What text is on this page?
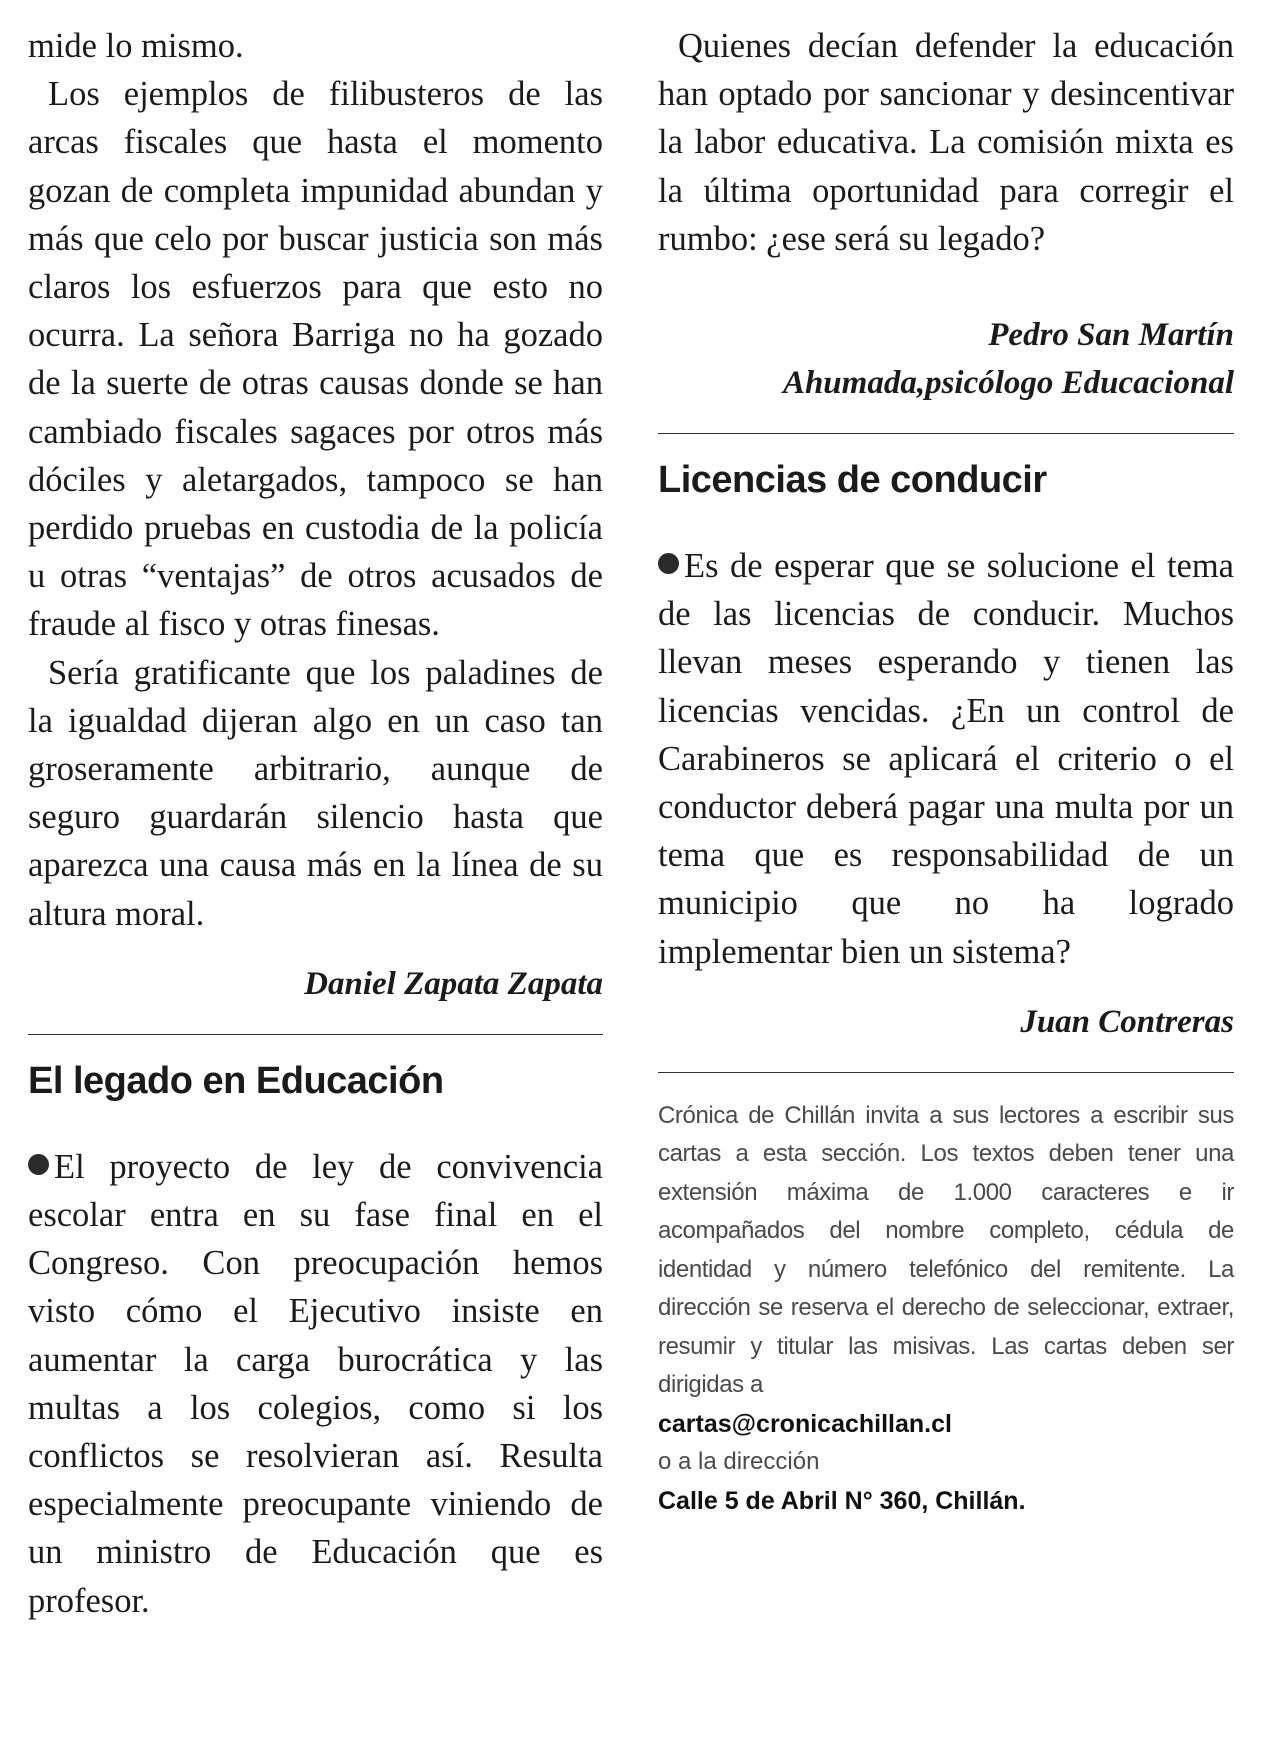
mide lo mismo.

Los ejemplos de filibusteros de las arcas fiscales que hasta el momento gozan de completa impunidad abundan y más que celo por buscar justicia son más claros los esfuerzos para que esto no ocurra. La señora Barriga no ha gozado de la suerte de otras causas donde se han cambiado fiscales sagaces por otros más dóciles y aletargados, tampoco se han perdido pruebas en custodia de la policía u otras “ventajas” de otros acusados de fraude al fisco y otras finesas.

Sería gratificante que los paladines de la igualdad dijeran algo en un caso tan groseramente arbitrario, aunque de seguro guardarán silencio hasta que aparezca una causa más en la línea de su altura moral.

Daniel Zapata Zapata

El legado en Educación

El proyecto de ley de convivencia escolar entra en su fase final en el Congreso. Con preocupación hemos visto cómo el Ejecutivo insiste en aumentar la carga burocrática y las multas a los colegios, como si los conflictos se resolvieran así. Resulta especialmente preocupante viniendo de un ministro de Educación que es profesor.

Quienes decían defender la educación han optado por sancionar y desincentivar la labor educativa. La comisión mixta es la última oportunidad para corregir el rumbo: ¿ese será su legado?

Pedro San Martín

Ahumada,psicólogo Educacional

Licencias de conducir

Es de esperar que se solucione el tema de las licencias de conducir. Muchos llevan meses esperando y tienen las licencias vencidas. ¿En un control de Carabineros se aplicará el criterio o el conductor deberá pagar una multa por un tema que es responsabilidad de un municipio que no ha logrado implementar bien un sistema?

Juan Contreras

Crónica de Chillán invita a sus lectores a escribir sus cartas a esta sección. Los textos deben tener una extensión máxima de 1.000 caracteres e ir acompañados del nombre completo, cédula de identidad y número telefónico del remitente. La dirección se reserva el derecho de seleccionar, extraer, resumir y titular las misivas. Las cartas deben ser dirigidas a

cartas@cronicachillan.cl

o a la dirección

Calle 5 de Abril N° 360, Chillán.
